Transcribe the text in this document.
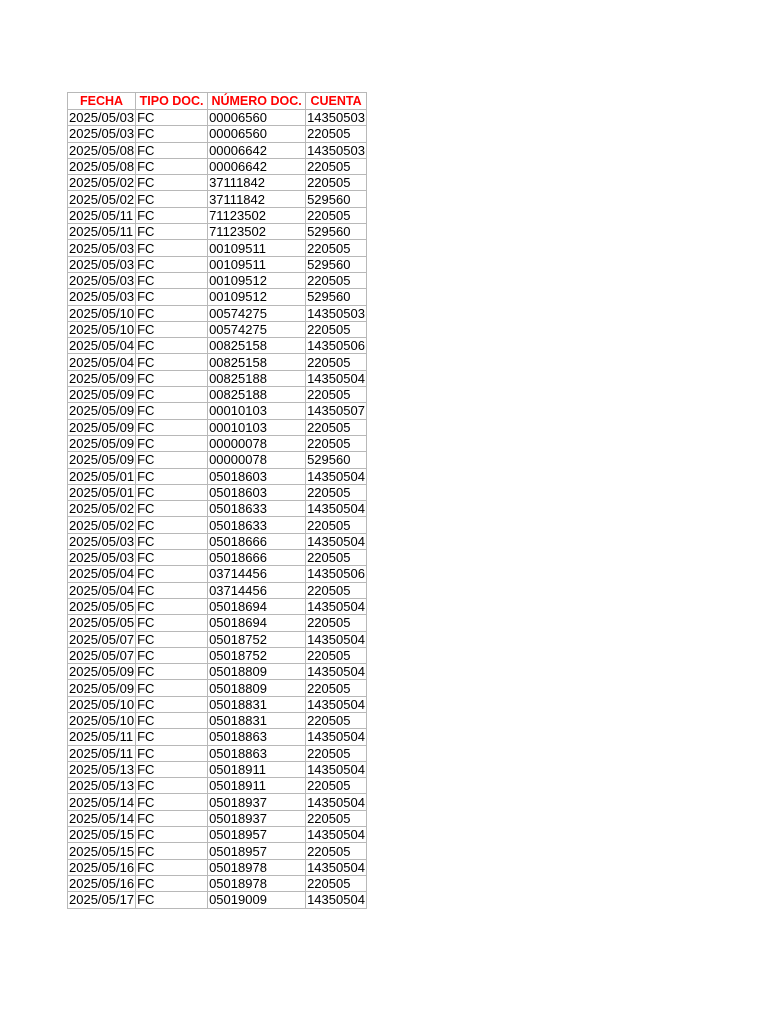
FECHA	TIPO DOC.	NÚMERO DOC.	CUENTA
2025/05/03	FC	00006560	14350503
2025/05/03	FC	00006560	220505
2025/05/08	FC	00006642	14350503
2025/05/08	FC	00006642	220505
2025/05/02	FC	37111842	220505
2025/05/02	FC	37111842	529560
2025/05/11	FC	71123502	220505
2025/05/11	FC	71123502	529560
2025/05/03	FC	00109511	220505
2025/05/03	FC	00109511	529560
2025/05/03	FC	00109512	220505
2025/05/03	FC	00109512	529560
2025/05/10	FC	00574275	14350503
2025/05/10	FC	00574275	220505
2025/05/04	FC	00825158	14350506
2025/05/04	FC	00825158	220505
2025/05/09	FC	00825188	14350504
2025/05/09	FC	00825188	220505
2025/05/09	FC	00010103	14350507
2025/05/09	FC	00010103	220505
2025/05/09	FC	00000078	220505
2025/05/09	FC	00000078	529560
2025/05/01	FC	05018603	14350504
2025/05/01	FC	05018603	220505
2025/05/02	FC	05018633	14350504
2025/05/02	FC	05018633	220505
2025/05/03	FC	05018666	14350504
2025/05/03	FC	05018666	220505
2025/05/04	FC	03714456	14350506
2025/05/04	FC	03714456	220505
2025/05/05	FC	05018694	14350504
2025/05/05	FC	05018694	220505
2025/05/07	FC	05018752	14350504
2025/05/07	FC	05018752	220505
2025/05/09	FC	05018809	14350504
2025/05/09	FC	05018809	220505
2025/05/10	FC	05018831	14350504
2025/05/10	FC	05018831	220505
2025/05/11	FC	05018863	14350504
2025/05/11	FC	05018863	220505
2025/05/13	FC	05018911	14350504
2025/05/13	FC	05018911	220505
2025/05/14	FC	05018937	14350504
2025/05/14	FC	05018937	220505
2025/05/15	FC	05018957	14350504
2025/05/15	FC	05018957	220505
2025/05/16	FC	05018978	14350504
2025/05/16	FC	05018978	220505
2025/05/17	FC	05019009	14350504
